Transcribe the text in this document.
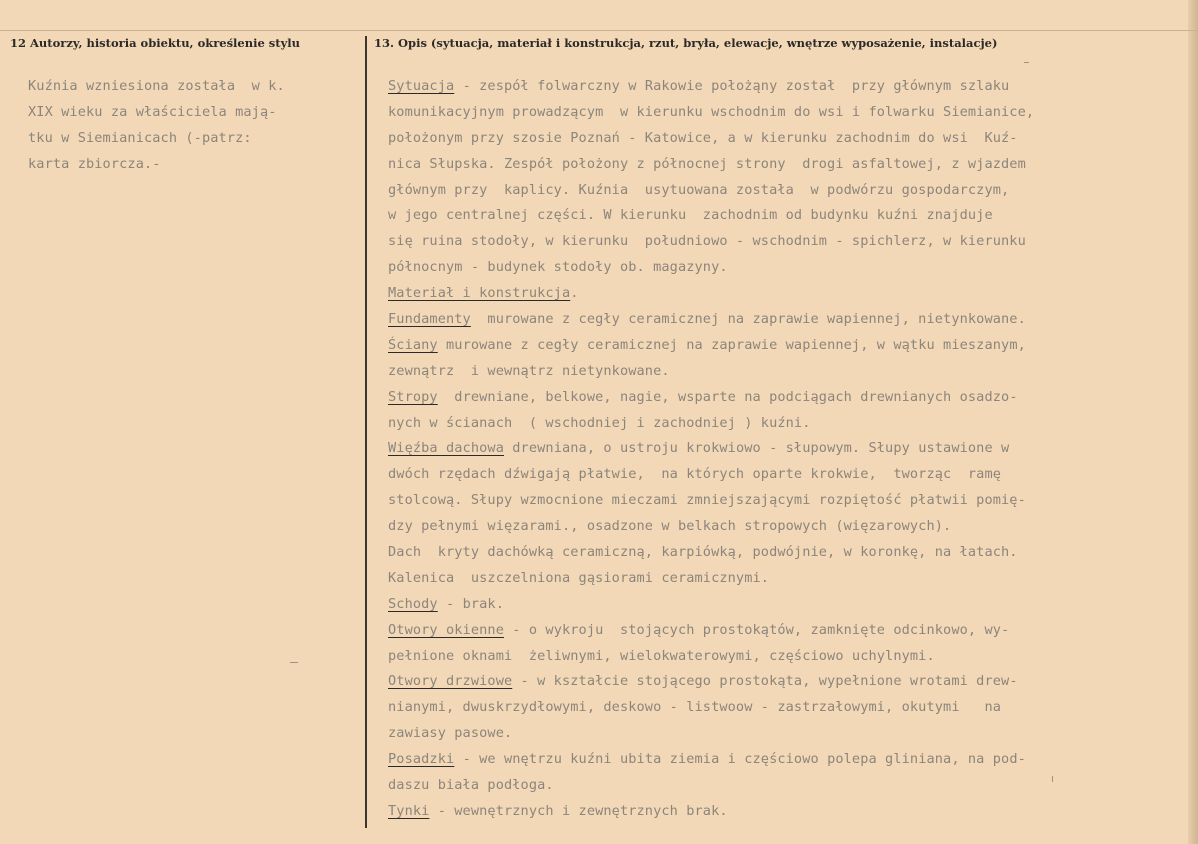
12 Autorzy, historia obiektu, określenie stylu	13. Opis (sytuacja, materiał i konstrukcja, rzut, bryła, elewacje, wnętrze wyposażenie, instalacje)
Kuźnia wzniesiona została  w k.
XIX wieku za właściciela mają-
tku w Siemianicach (-patrz:
karta zbiorcza.-
Sytuacja - zespół folwarczny w Rakowie położąny został  przy głównym szlaku
komunikacyjnym prowadzącym  w kierunku wschodnim do wsi i folwarku Siemianice,
położonym przy szosie Poznań - Katowice, a w kierunku zachodnim do wsi  Kuź-
nica Słupska. Zespół położony z północnej strony  drogi asfaltowej, z wjazdem
głównym przy  kaplicy. Kuźnia  usytuowana została  w podwórzu gospodarczym,
w jego centralnej części. W kierunku  zachodnim od budynku kuźni znajduje
się ruina stodoły, w kierunku  południowo - wschodnim - spichlerz, w kierunku
północnym - budynek stodoły ob. magazyny.
Materiał i konstrukcja.
Fundamenty  murowane z cegły ceramicznej na zaprawie wapiennej, nietynkowane.
Ściany murowane z cegły ceramicznej na zaprawie wapiennej, w wątku mieszanym,
zewnątrz  i wewnątrz nietynkowane.
Stropy  drewniane, belkowe, nagie, wsparte na podciągach drewnianych osadzo-
nych w ścianach  ( wschodniej i zachodniej ) kuźni.
Więźba dachowa drewniana, o ustroju krokwiowo - słupowym. Słupy ustawione w
dwóch rzędach dźwigają płatwie,  na których oparte krokwie,  tworząc  ramę
stolcową. Słupy wzmocnione mieczami zmniejszającymi rozpiętość płatwii pomię-
dzy pełnymi więzarami., osadzone w belkach stropowych (więzarowych).
Dach  kryty dachówką ceramiczną, karpiówką, podwójnie, w koronkę, na łatach.
Kalenica  uszczelniona gąsiorami ceramicznymi.
Schody - brak.
Otwory okienne - o wykroju  stojących prostokątów, zamknięte odcinkowo, wy-
pełnione oknami  żeliwnymi, wielokwaterowymi, częściowo uchylnymi.
Otwory drzwiowe - w kształcie stojącego prostokąta, wypełnione wrotami drew-
nianymi, dwuskrzydłowymi, deskowo - listwoow - zastrzałowymi, okutymi   na
zawiasy pasowe.
Posadzki - we wnętrzu kuźni ubita ziemia i częściowo polepa gliniana, na pod-
daszu biała podłoga.
Tynki - wewnętrznych i zewnętrznych brak.
